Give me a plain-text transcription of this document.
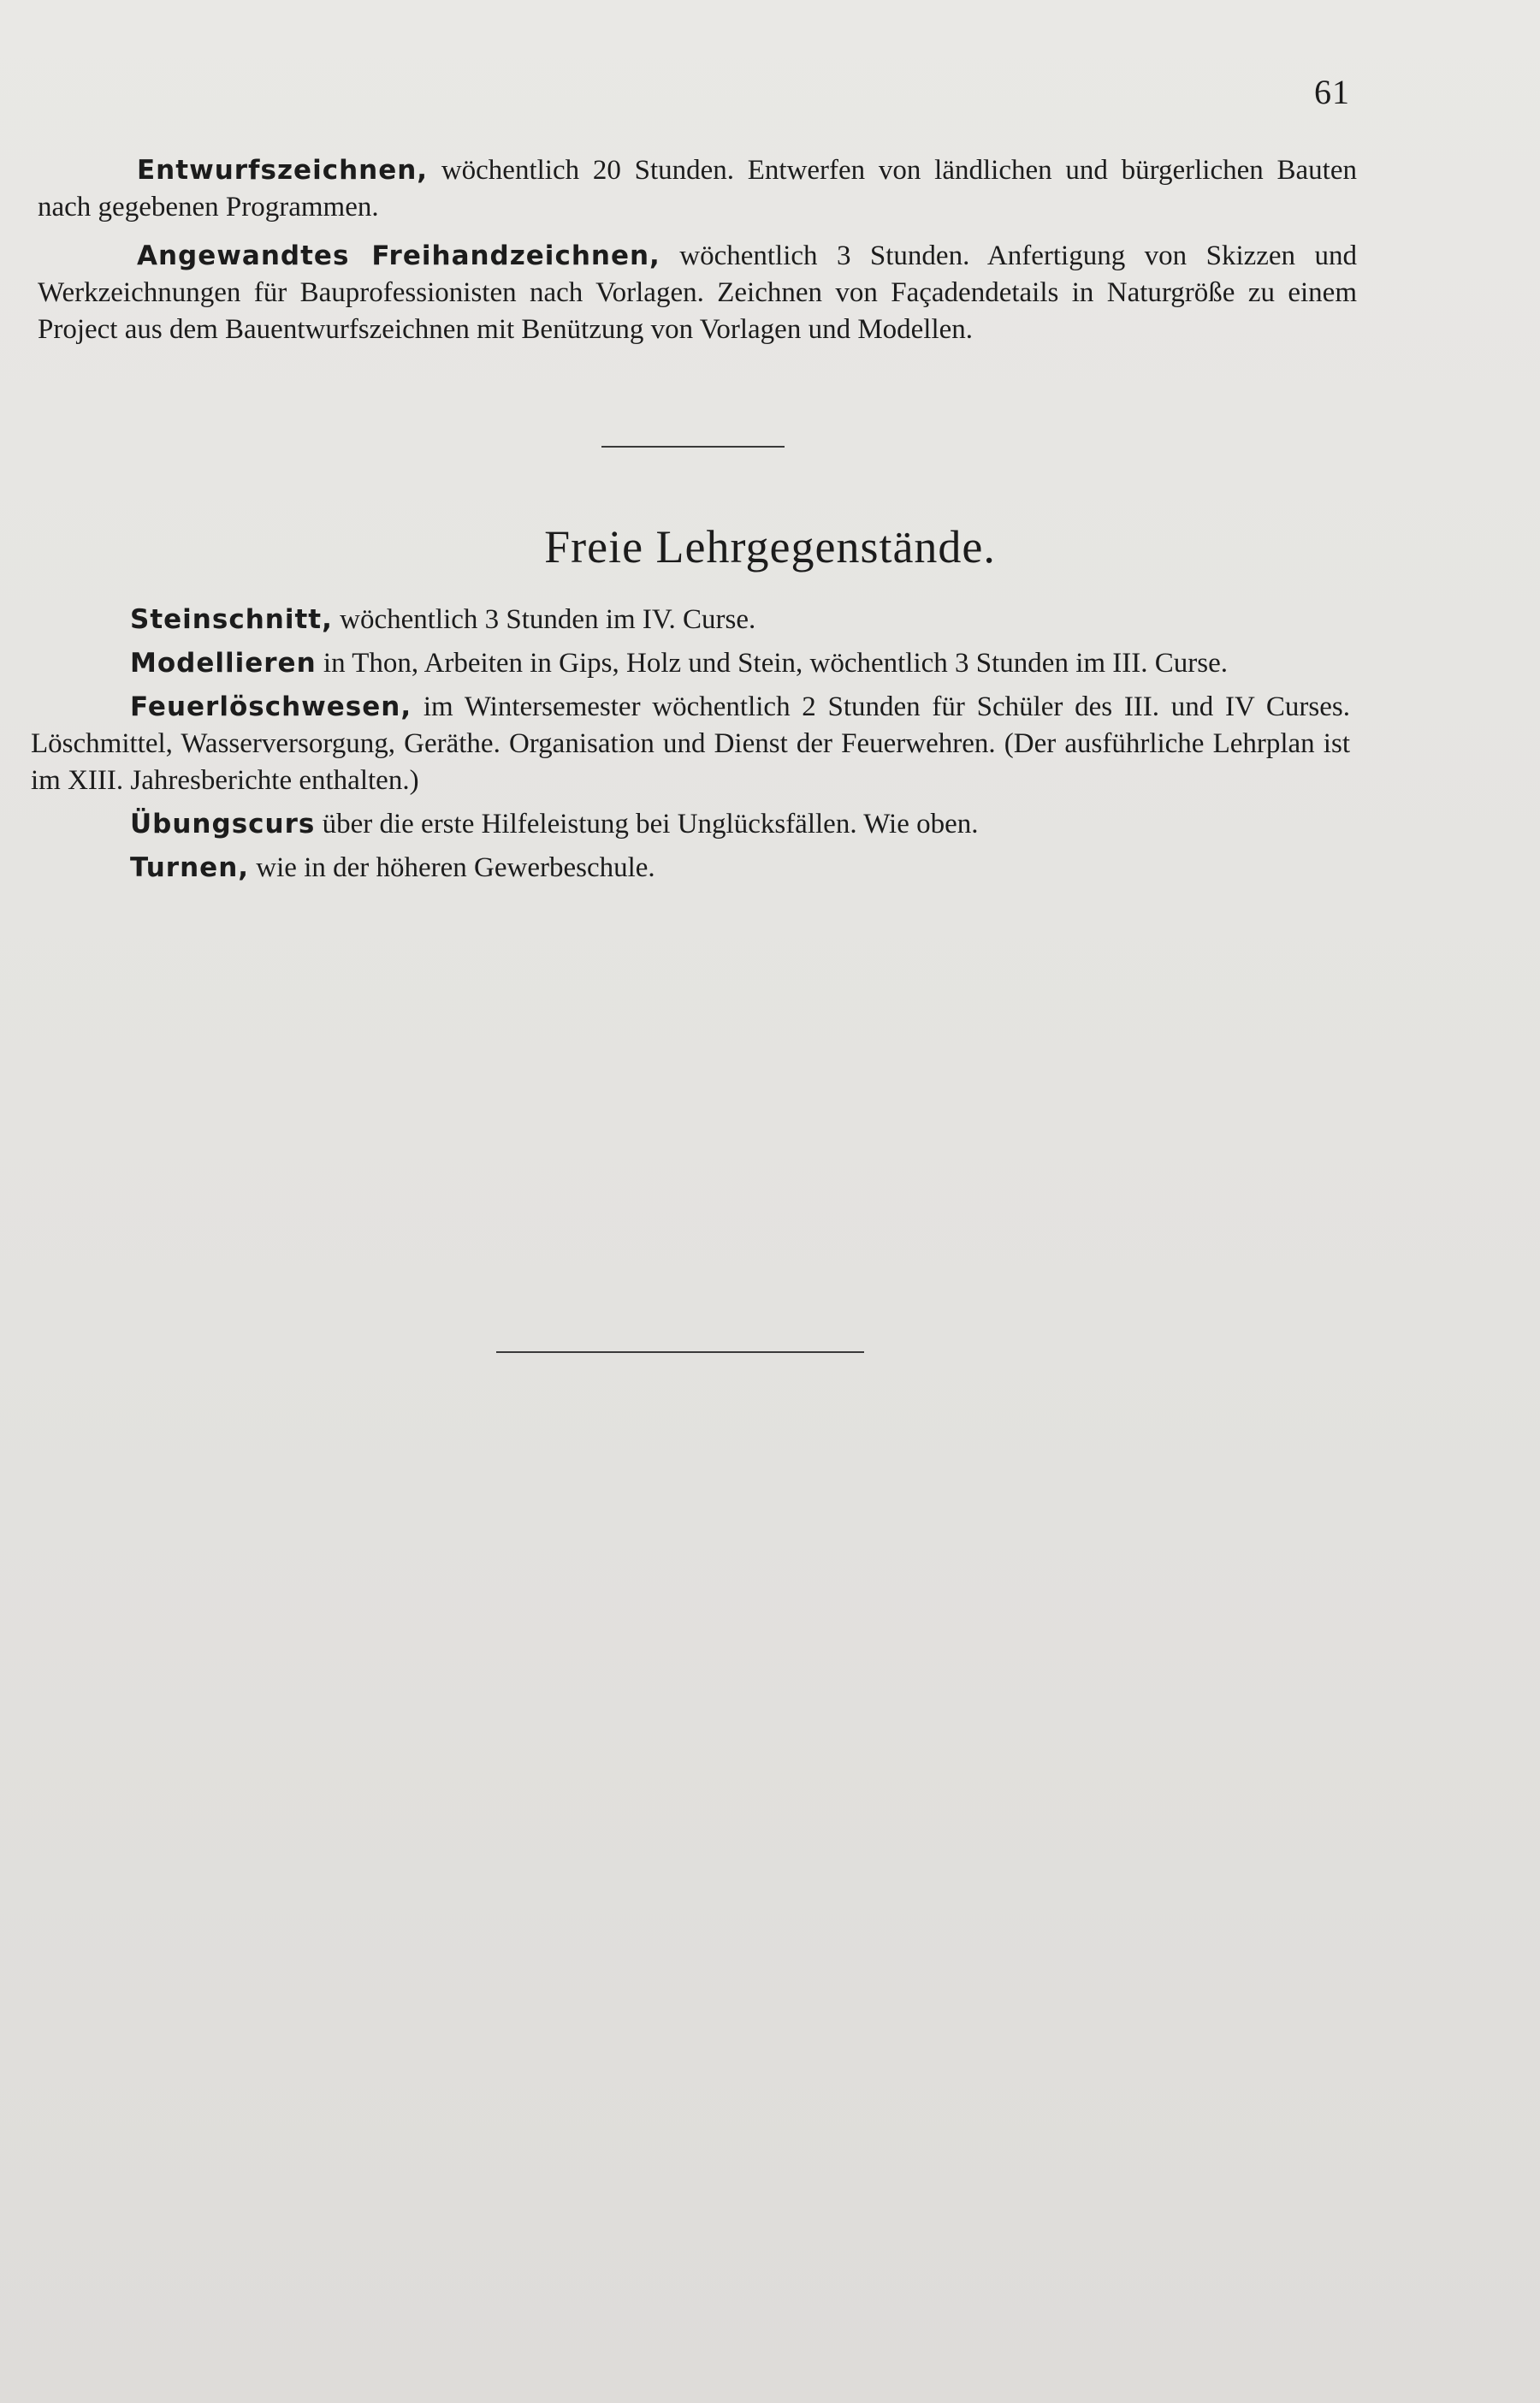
61

Entwurfszeichnen, wöchentlich 20 Stunden. Entwerfen von ländlichen und bürgerlichen Bauten nach gegebenen Programmen.

Angewandtes Freihandzeichnen, wöchentlich 3 Stunden. Anfertigung von Skizzen und Werkzeichnungen für Bauprofessionisten nach Vorlagen. Zeichnen von Façadendetails in Naturgröße zu einem Project aus dem Bauentwurfszeichnen mit Benützung von Vorlagen und Modellen.

Freie Lehrgegenstände.

Steinschnitt, wöchentlich 3 Stunden im IV. Curse.

Modellieren in Thon, Arbeiten in Gips, Holz und Stein, wöchentlich 3 Stunden im III. Curse.

Feuerlöschwesen, im Wintersemester wöchentlich 2 Stunden für Schüler des III. und IV Curses. Löschmittel, Wasserversorgung, Geräthe. Organisation und Dienst der Feuerwehren. (Der ausführliche Lehrplan ist im XIII. Jahresberichte enthalten.)

Übungscurs über die erste Hilfeleistung bei Unglücksfällen. Wie oben.

Turnen, wie in der höheren Gewerbeschule.
